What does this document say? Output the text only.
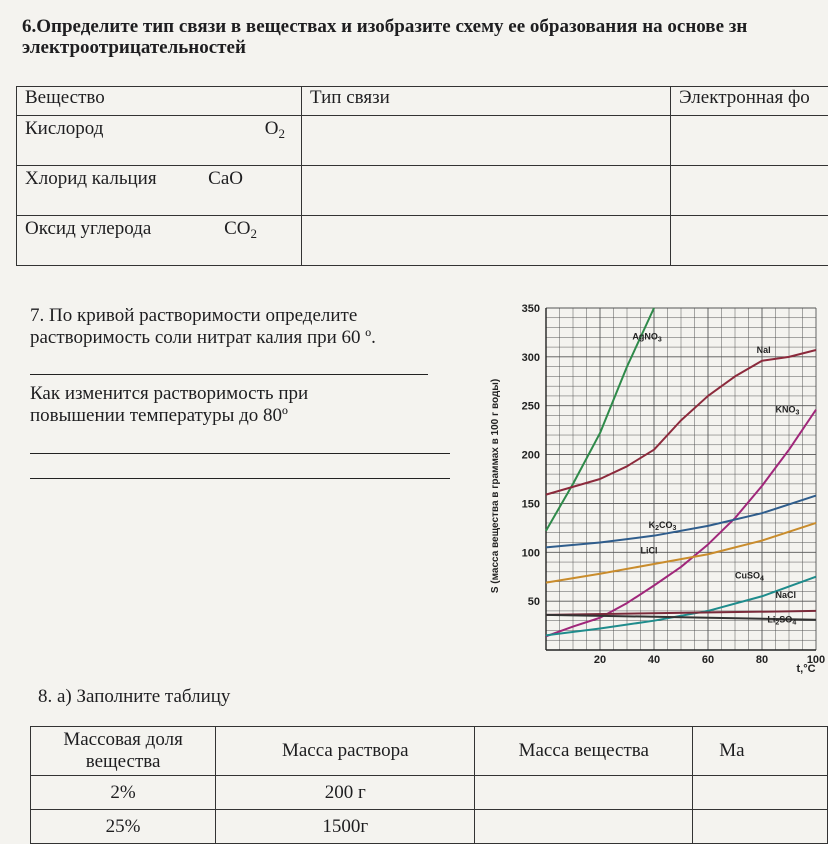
6.Определите тип связи в веществах и изобразите схему ее образования на основе зн
электроотрицательностей
Вещество	Тип связи	Электронная фо

Кислород $O_2$

Хлорид кальция CaO		

Оксид углерода $CO_2$

7. По кривой растворимости определите
растворимость соли нитрат калия при 60 º.
Как изменится растворимость при
повышении температуры до 80º
50
100
150
200
250
300
350
20	40	60	80	100
AgNO$_3$
NaI
$KNO_3$
$K_2CO_3$
LiCl
CuSO$_4$
NaCl
$Li_2SO_4$
S (масса вещества в граммах в 100 г воды)
t,°C
8. а) Заполните таблицу
Массовая доля вещества	Масса раствора	Масса вещества	Ма
2%	200 г		
25%	1500г		
